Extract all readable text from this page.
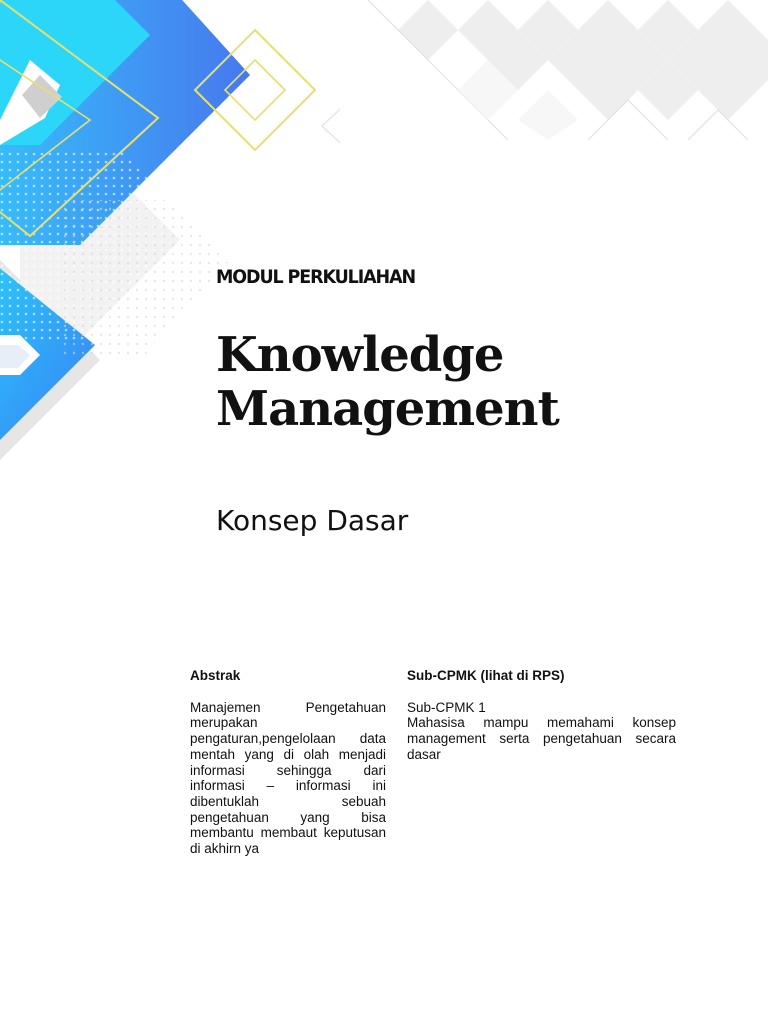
MODUL PERKULIAHAN
Knowledge
Management
Konsep Dasar
Abstrak

Manajemen Pengetahuan merupakan pengaturan,pengelolaan data mentah yang di olah menjadi informasi sehingga dari informasi – informasi ini dibentuklah sebuah pengetahuan yang bisa membantu membaut keputusan di akhirn ya

Sub-CPMK (lihat di RPS)
Sub-CPMK 1

Mahasisa mampu memahami konsep management serta pengetahuan secara dasar
